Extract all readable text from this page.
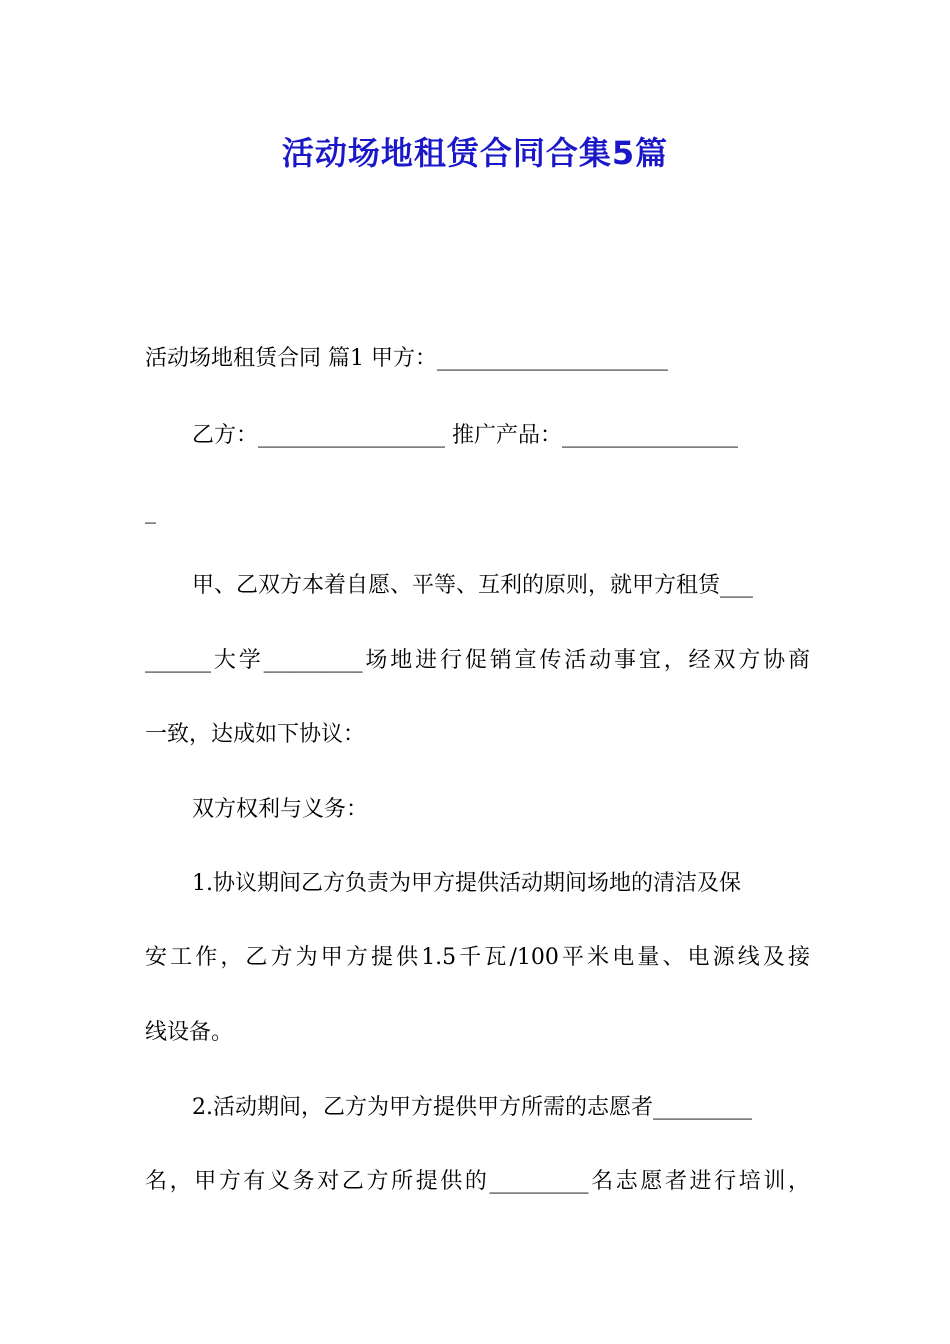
活动场地租赁合同合集5篇
活动场地租赁合同 篇1 甲方：_____________________
乙方：_________________ 推广产品：________________
_
甲、乙双方本着自愿、平等、互利的原则，就甲方租赁___
______大学_________场地进行促销宣传活动事宜，经双方协商
一致，达成如下协议：
双方权利与义务：
1.协议期间乙方负责为甲方提供活动期间场地的清洁及保
安工作，乙方为甲方提供1.5千瓦/100平米电量、电源线及接
线设备。
2.活动期间，乙方为甲方提供甲方所需的志愿者_________
名，甲方有义务对乙方所提供的_________名志愿者进行培训，
